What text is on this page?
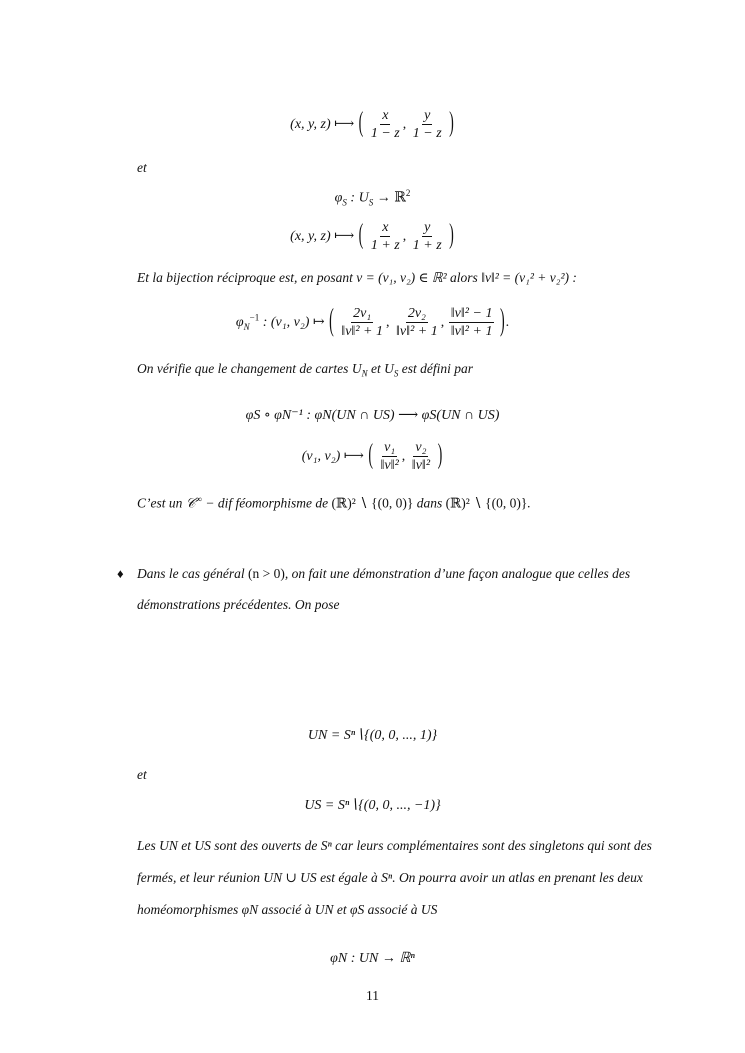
(x, y, z) ⟼ ( $\frac{x}{1 - z}$ , $\frac{y}{1 - z}$ )
et
$\varphi_S$ : $U_S$ → ℝ$^2$
(x, y, z) ⟼ ( $\frac{x}{1 + z}$ , $\frac{y}{1 + z}$ )
Et la bijection réciproque est, en posant v = (v₁, v₂) ∈ ℝ² alors ‖v‖² = (v₁² + v₂²) :
$\varphi_N^{-1}$ : (v₁, v₂) ↦ ( $\frac{\text{2v₁}}{\text{‖v‖² + 1}}$ , $\frac{\text{2v₂}}{\text{‖v‖² + 1}}$ , $\frac{\text{‖v‖² − 1}}{\text{‖v‖² + 1}}$ ).
On vérifie que le changement de cartes $U_N$ et $U_S$ est défini par
φS ∘ φN⁻¹ : φN(UN ∩ US) ⟶ φS(UN ∩ US)
(v₁, v₂) ⟼ ( $\frac{\text{v₁}}{\text{‖v‖²}}$ , $\frac{\text{v₂}}{\text{‖v‖²}}$ )
C’est un 𝒞∞ − dif féomorphisme de (ℝ)² ∖ {(0, 0)} dans (ℝ)² ∖ {(0, 0)}.
♦ Dans le cas général (n > 0), on fait une démonstration d’une façon analogue que celles des
démonstrations précédentes. On pose
UN = Sⁿ∖{(0, 0, ..., 1)}
et
US = Sⁿ∖{(0, 0, ..., −1)}
Les UN et US sont des ouverts de Sⁿ car leurs complémentaires sont des singletons qui sont des
fermés, et leur réunion UN ∪ US est égale à Sⁿ. On pourra avoir un atlas en prenant les deux
homéomorphismes φN associé à UN et φS associé à US
φN : UN → ℝⁿ
11
